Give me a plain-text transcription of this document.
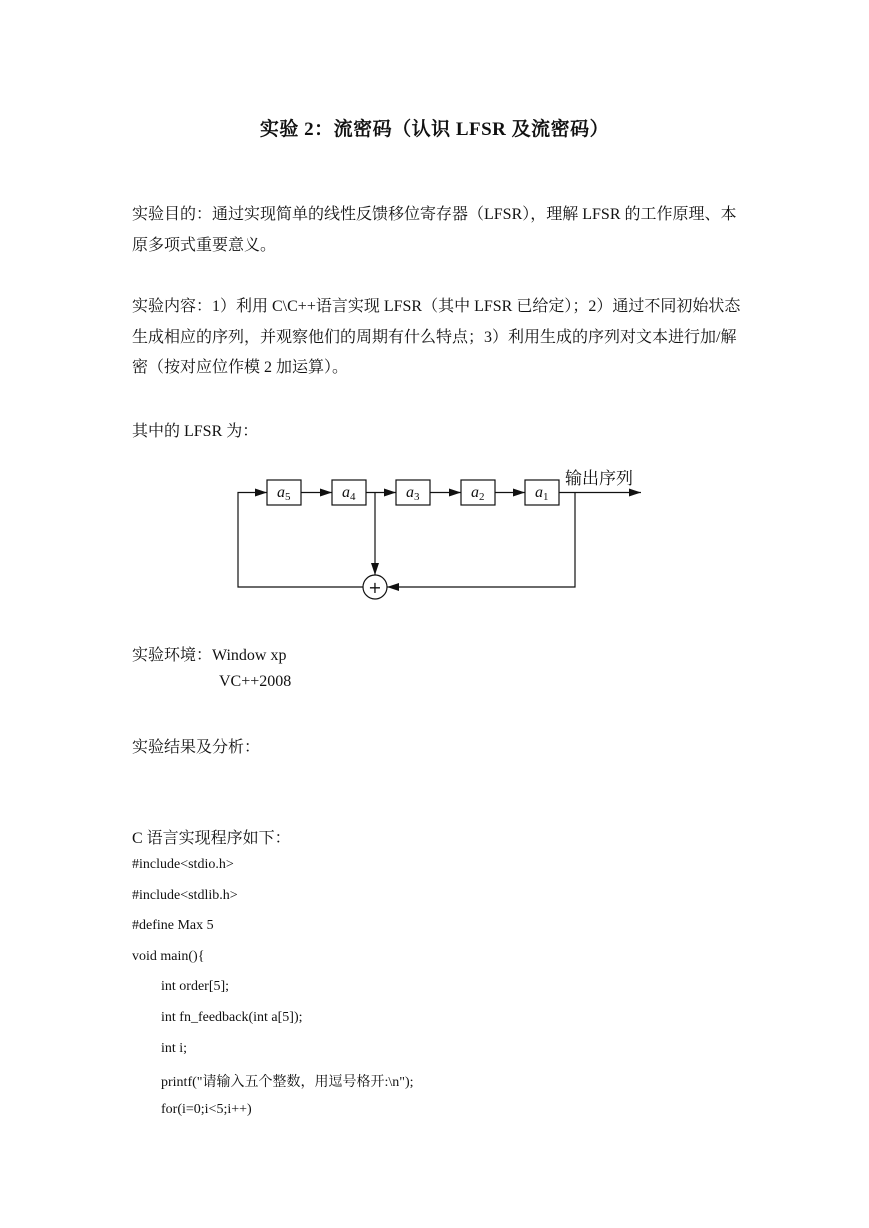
实验 2：流密码（认识 LFSR 及流密码）

实验目的：通过实现简单的线性反馈移位寄存器（LFSR），理解 LFSR 的工作原理、本原多项式重要意义。

实验内容：1）利用 C\C++语言实现 LFSR（其中 LFSR 已给定）；2）通过不同初始状态生成相应的序列，并观察他们的周期有什么特点；3）利用生成的序列对文本进行加/解密（按对应位作模 2 加运算）。

其中的 LFSR 为：
+
a5	a4	a3	a2	a1
输出序列
实验环境：Window xp
VC++2008
实验结果及分析：
C 语言实现程序如下：
#include<stdio.h>
#include<stdlib.h>
#define Max 5
void main(){
int order[5];
int fn_feedback(int a[5]);
int i;
printf("请输入五个整数，用逗号格开:\n");
for(i=0;i<5;i++)
